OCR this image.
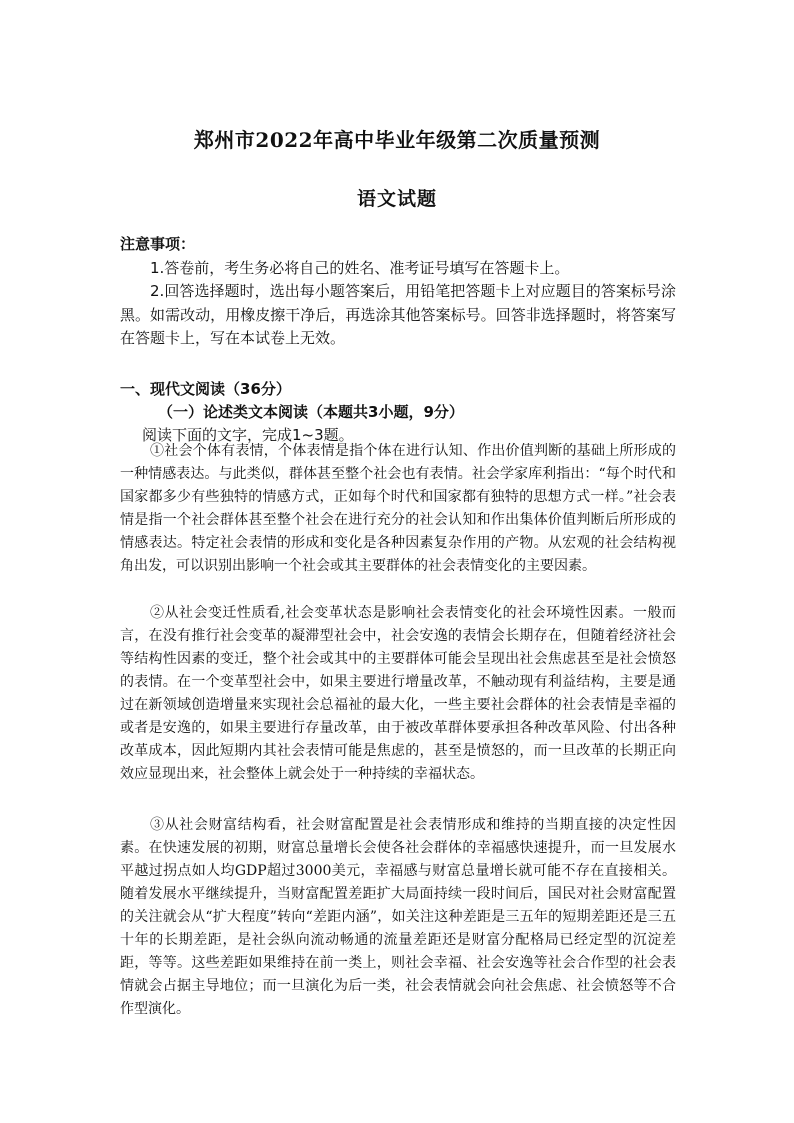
郑州市2022年高中毕业年级第二次质量预测
语文试题
注意事项：

1.答卷前，考生务必将自己的姓名、准考证号填写在答题卡上。

2.回答选择题时，选出每小题答案后，用铅笔把答题卡上对应题目的答案标号涂黑。如需改动，用橡皮擦干净后，再选涂其他答案标号。回答非选择题时，将答案写在答题卡上，写在本试卷上无效。

一、现代文阅读（36分）

（一）论述类文本阅读（本题共3小题，9分）

阅读下面的文字，完成1~3题。

①社会个体有表情，个体表情是指个体在进行认知、作出价值判断的基础上所形成的一种情感表达。与此类似，群体甚至整个社会也有表情。社会学家库利指出：“每个时代和国家都多少有些独特的情感方式，正如每个时代和国家都有独特的思想方式一样。”社会表情是指一个社会群体甚至整个社会在进行充分的社会认知和作出集体价值判断后所形成的情感表达。特定社会表情的形成和变化是各种因素复杂作用的产物。从宏观的社会结构视角出发，可以识别出影响一个社会或其主要群体的社会表情变化的主要因素。

②从社会变迁性质看,社会变革状态是影响社会表情变化的社会环境性因素。一般而言，在没有推行社会变革的凝滞型社会中，社会安逸的表情会长期存在，但随着经济社会等结构性因素的变迁，整个社会或其中的主要群体可能会呈现出社会焦虑甚至是社会愤怒的表情。在一个变革型社会中，如果主要进行增量改革，不触动现有利益结构，主要是通过在新领域创造增量来实现社会总福祉的最大化，一些主要社会群体的社会表情是幸福的或者是安逸的，如果主要进行存量改革，由于被改革群体要承担各种改革风险、付出各种改革成本，因此短期内其社会表情可能是焦虑的，甚至是愤怒的，而一旦改革的长期正向效应显现出来，社会整体上就会处于一种持续的幸福状态。

③从社会财富结构看，社会财富配置是社会表情形成和维持的当期直接的决定性因素。在快速发展的初期，财富总量增长会使各社会群体的幸福感快速提升，而一旦发展水平越过拐点如人均GDP超过3000美元，幸福感与财富总量增长就可能不存在直接相关。随着发展水平继续提升，当财富配置差距扩大局面持续一段时间后，国民对社会财富配置的关注就会从“扩大程度”转向“差距内涵”，如关注这种差距是三五年的短期差距还是三五十年的长期差距，是社会纵向流动畅通的流量差距还是财富分配格局已经定型的沉淀差距，等等。这些差距如果维持在前一类上，则社会幸福、社会安逸等社会合作型的社会表情就会占据主导地位；而一旦演化为后一类，社会表情就会向社会焦虑、社会愤怒等不合作型演化。
